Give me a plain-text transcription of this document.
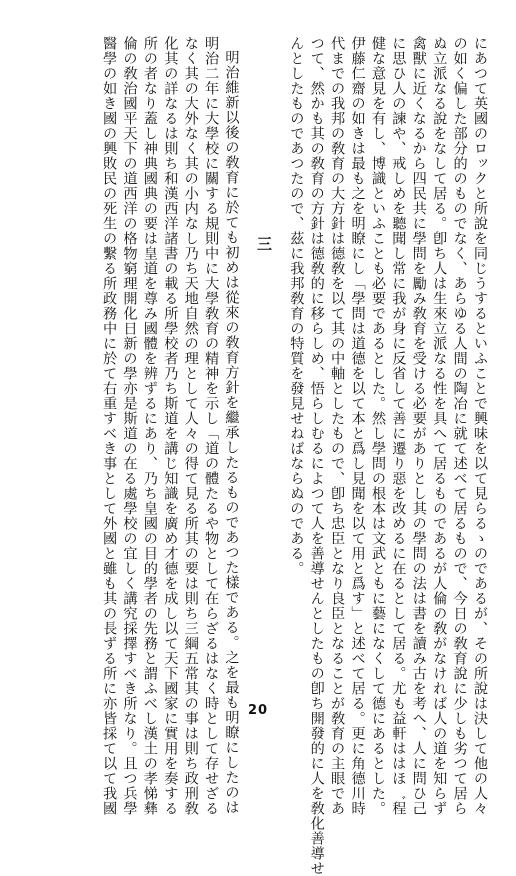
にあつて英國のロックと所說を同じうするといふことで興味を以て見らるゝのであるが、その所說は決して他の人々
の如く偏した部分的のものでなく、あらゆる人間の陶冶に就て述べて居るもので、今日の敎育說に少しも劣つて居ら
ぬ立派なる說をなして居る。卽ち人は生來立派なる性を具へて居るものであるが人倫の敎がなければ人の道を知らず
禽獸に近くなるから四民共に學問を勵み敎育を受ける必要がありとし其の學問の法は書を讀み古を考へ、人に問ひ己
に思ひ人の諫や、戒しめを聽聞し常に我が身に反省して善に遷り惡を改めるに在るとして居る。尤も益軒ははほ゛程
健な意見を有し、博識といふことも必要であるとした。然し學問の根本は文武ともに藝になくして德にあるとした。
伊藤仁齋の如きは最も之を明瞭にし「學問は道德を以て本と爲し見聞を以て用と爲す」と述べて居る。更に角德川時
代までの我邦の敎育の大方針は德敎を以て其の中軸としたもので、卽ち忠臣となり良臣となることが敎育の主眼であ
つて、然かも其の敎育の方針は德敎的に移らしめ、悟らしむるによつて人を善導せんとしたもの卽ち開發的に人を敎化善導せ
んとしたものであつたので、茲に我邦敎育の特質を發見せねばならぬのである。
三
明治維新以後の敎育に於ても初めは從來の敎育方針を繼承したるものであつた樣である。之を最も明瞭にしたのは
明治二年に大學校に關する規則中に大學敎育の精神を示し「道の體たるや物として在らざるはなく時として存せざる
なく其の大外なく其の小内なし乃ち天地自然の理として人々の得て見る所其の要は則ち三綱五常其の事は則ち政刑敎
化其の詳なるは則ち和漢西洋諸書の載る所學校者乃ち斯道を講じ知識を廣め才德を成し以て天下國家に實用を奏する
所の者なり蓋し神典國典の要は皇道を尊み國體を辨ずるにあり、乃ち皇國の目的學者の先務と謂ふべし漢土の孝悌彝
倫の敎治國平天下の道西洋の格物窮理開化日新の學亦是斯道の在る處學校の宜しく講究採擇すべき所なり。且つ兵學
醫學の如き國の興敗民の死生の繫る所政務中に於て右重すべき事として外國と雖も其の長ずる所に亦皆採て以て我國	20
